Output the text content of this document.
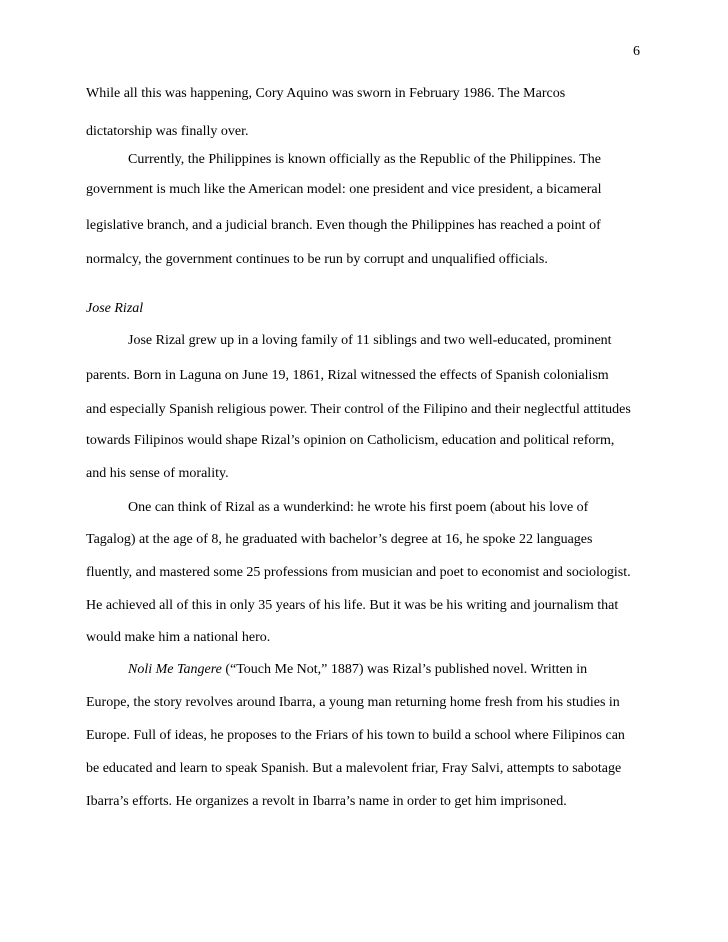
6
While all this was happening, Cory Aquino was sworn in February 1986. The Marcos
dictatorship was finally over.
Currently, the Philippines is known officially as the Republic of the Philippines. The
government is much like the American model: one president and vice president, a bicameral
legislative branch, and a judicial branch. Even though the Philippines has reached a point of
normalcy, the government continues to be run by corrupt and unqualified officials.
Jose Rizal
Jose Rizal grew up in a loving family of 11 siblings and two well-educated, prominent
parents. Born in Laguna on June 19, 1861, Rizal witnessed the effects of Spanish colonialism
and especially Spanish religious power. Their control of the Filipino and their neglectful attitudes
towards Filipinos would shape Rizal’s opinion on Catholicism, education and political reform,
and his sense of morality.
One can think of Rizal as a wunderkind: he wrote his first poem (about his love of
Tagalog) at the age of 8, he graduated with bachelor’s degree at 16, he spoke 22 languages
fluently, and mastered some 25 professions from musician and poet to economist and sociologist.
He achieved all of this in only 35 years of his life. But it was be his writing and journalism that
would make him a national hero.
Noli Me Tangere (“Touch Me Not,” 1887) was Rizal’s published novel. Written in
Europe, the story revolves around Ibarra, a young man returning home fresh from his studies in
Europe. Full of ideas, he proposes to the Friars of his town to build a school where Filipinos can
be educated and learn to speak Spanish. But a malevolent friar, Fray Salvi, attempts to sabotage
Ibarra’s efforts. He organizes a revolt in Ibarra’s name in order to get him imprisoned.
